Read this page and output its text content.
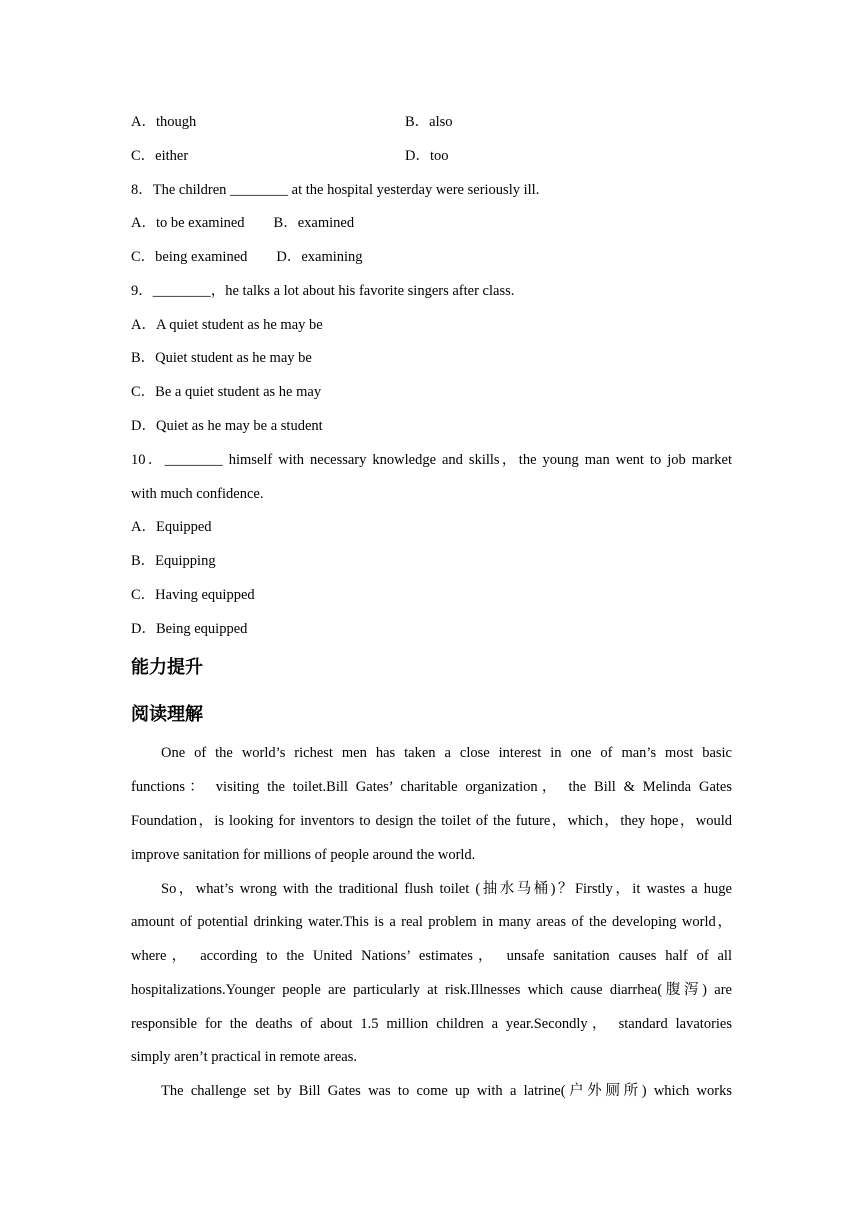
A．though	B．also
C．either	D．too
8．The children ________ at the hospital yesterday were seriously ill.
A．to be examined　　B．examined
C．being examined　　D．examining
9．________，he talks a lot about his favorite singers after class.
A．A quiet student as he may be
B．Quiet student as he may be
C．Be a quiet student as he may
D．Quiet as he may be a student
10．________ himself with necessary knowledge and skills，the young man went to job market
with much confidence.
A．Equipped
B．Equipping
C．Having equipped
D．Being equipped
能力提升
阅读理解
One of the world’s richest men has taken a close interest in one of man’s most basic
functions： visiting the toilet.Bill Gates’ charitable organization， the Bill & Melinda Gates
Foundation，is looking for inventors to design the toilet of the future，which，they hope，would
improve sanitation for millions of people around the world.
So，what’s wrong with the traditional flush toilet (抽水马桶)？Firstly，it wastes a huge
amount of potential drinking water.This is a real problem in many areas of the developing world，
where， according to the United Nations’ estimates， unsafe sanitation causes half of all
hospitalizations.Younger people are particularly at risk.Illnesses which cause diarrhea(腹泻) are
responsible for the deaths of about 1.5 million children a year.Secondly， standard lavatories
simply aren’t practical in remote areas.
The challenge set by Bill Gates was to come up with a latrine(户外厕所) which works
